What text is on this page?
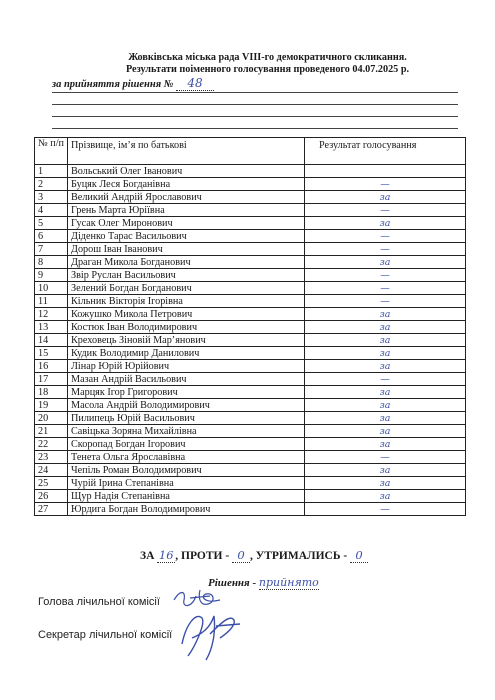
Жовківська міська рада VIII-го демократичного скликання.
Результати поіменного голосування проведеного 04.07.2025 р.
за прийняття рішення № 48
№ п/п	Прізвище, ім’я по батькові	Результат голосування
1	Вольський Олег Іванович	
2	Буцяк Леся Богданівна	—
3	Великий Андрій Ярославович	за
4	Грень Марта Юріївна	—
5	Гусак Олег Миронович	за
6	Діденко Тарас Васильович	—
7	Дорош Іван Іванович	—
8	Драган Микола Богданович	за
9	Звір Руслан Васильович	—
10	Зелений Богдан Богданович	—
11	Кільник Вікторія Ігорівна	—
12	Кожушко Микола Петрович	за
13	Костюк Іван Володимирович	за
14	Креховець Зіновій Мар’янович	за
15	Кудик Володимир Данилович	за
16	Лінар Юрій Юрійович	за
17	Мазан Андрій Васильович	—
18	Марцяк Ігор Григорович	за
19	Масола Андрій Володимирович	за
20	Пилипець Юрій Васильович	за
21	Савіцька Зоряна Михайлівна	за
22	Скоропад Богдан Ігорович	за
23	Тенета Ольга Ярославівна	—
24	Чепіль Роман Володимирович	за
25	Чурій Ірина Степанівна	за
26	Щур Надія Степанівна	за
27	Юрдига Богдан Володимирович	—
ЗА 16 , ПРОТИ - 0 , УТРИМАЛИСЬ - 0
Рішення - прийнято
Голова лічильної комісії
Секретар лічильної комісії
